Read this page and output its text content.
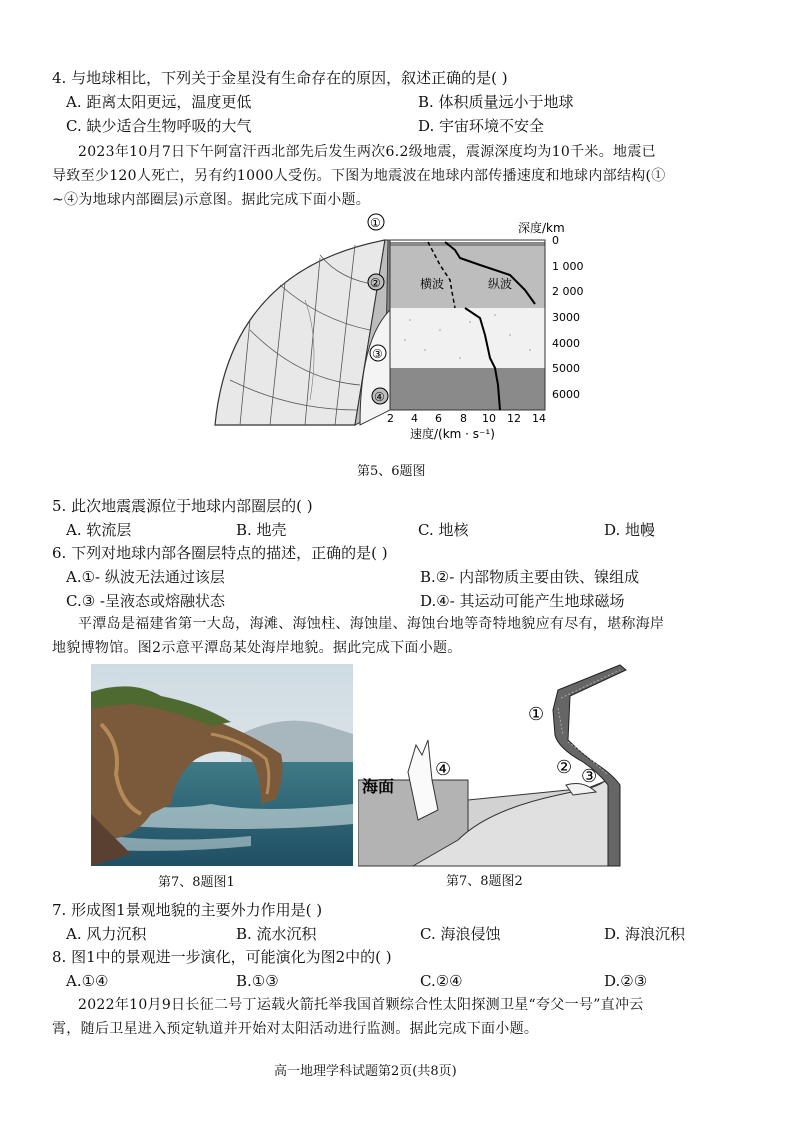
4. 与地球相比，下列关于金星没有生命存在的原因，叙述正确的是( )
A. 距离太阳更远，温度更低	B. 体积质量远小于地球
C. 缺少适合生物呼吸的大气	D. 宇宙环境不安全
2023年10月7日下午阿富汗西北部先后发生两次6.2级地震，震源深度均为10千米。地震已
导致至少120人死亡，另有约1000人受伤。下图为地震波在地球内部传播速度和地球内部结构(①
~④为地球内部圈层)示意图。据此完成下面小题。
横波	纵波
深度/km
速度/(km · s⁻¹)
0
1 000
2 000
3000
4000
5000
6000
2 4 6 8 10 12 14
①
②
③
④
第5、6题图
5. 此次地震震源位于地球内部圈层的( )
A. 软流层	B. 地壳	C. 地核	D. 地幔
6. 下列对地球内部各圈层特点的描述，正确的是( )
A.①- 纵波无法通过该层	B.②- 内部物质主要由铁、镍组成
C.③ -呈液态或熔融状态	D.④- 其运动可能产生地球磁场
平潭岛是福建省第一大岛，海滩、海蚀柱、海蚀崖、海蚀台地等奇特地貌应有尽有，堪称海岸
地貌博物馆。图2示意平潭岛某处海岸地貌。据此完成下面小题。
第7、8题图1
海面
①
② ③
④
第7、8题图2
7. 形成图1景观地貌的主要外力作用是( )
A. 风力沉积	B. 流水沉积	C. 海浪侵蚀	D. 海浪沉积
8. 图1中的景观进一步演化，可能演化为图2中的( )
A.①④	B.①③	C.②④	D.②③
2022年10月9日长征二号丁运载火箭托举我国首颗综合性太阳探测卫星“夸父一号”直冲云
霄，随后卫星进入预定轨道并开始对太阳活动进行监测。据此完成下面小题。
高一地理学科试题第2页(共8页)
